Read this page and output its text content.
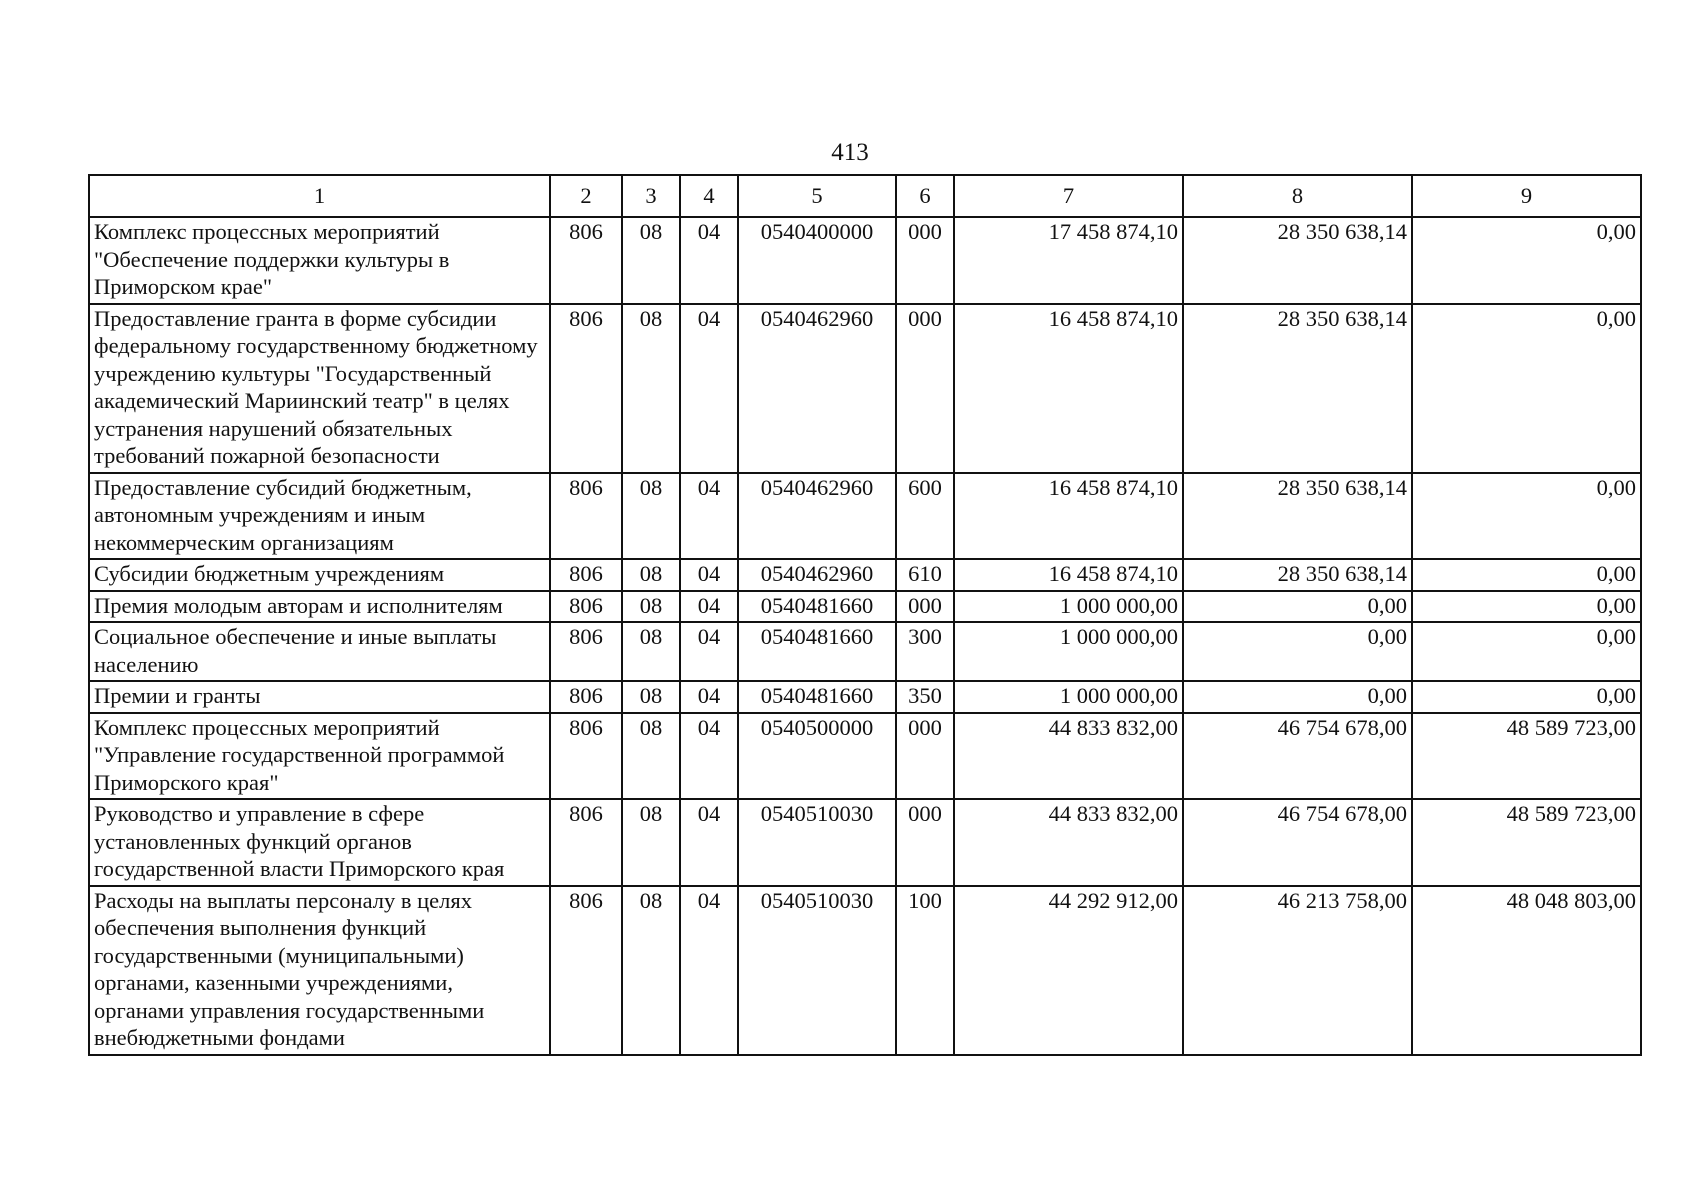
413
1	2	3	4	5	6	7	8	9
Комплекс процессных мероприятий "Обеспечение поддержки культуры в Приморском крае"	806	08	04	0540400000	000	17 458 874,10	28 350 638,14	0,00
Предоставление гранта в форме субсидии федеральному государственному бюджетному учреждению культуры "Государственный академический Мариинский театр" в целях устранения нарушений обязательных требований пожарной безопасности	806	08	04	0540462960	000	16 458 874,10	28 350 638,14	0,00
Предоставление субсидий бюджетным, автономным учреждениям и иным некоммерческим организациям	806	08	04	0540462960	600	16 458 874,10	28 350 638,14	0,00
Субсидии бюджетным учреждениям	806	08	04	0540462960	610	16 458 874,10	28 350 638,14	0,00
Премия молодым авторам и исполнителям	806	08	04	0540481660	000	1 000 000,00	0,00	0,00
Социальное обеспечение и иные выплаты населению	806	08	04	0540481660	300	1 000 000,00	0,00	0,00
Премии и гранты	806	08	04	0540481660	350	1 000 000,00	0,00	0,00
Комплекс процессных мероприятий "Управление государственной программой Приморского края"	806	08	04	0540500000	000	44 833 832,00	46 754 678,00	48 589 723,00
Руководство и управление в сфере установленных функций органов государственной власти Приморского края	806	08	04	0540510030	000	44 833 832,00	46 754 678,00	48 589 723,00
Расходы на выплаты персоналу в целях обеспечения выполнения функций государственными (муниципальными) органами, казенными учреждениями, органами управления государственными внебюджетными фондами	806	08	04	0540510030	100	44 292 912,00	46 213 758,00	48 048 803,00
